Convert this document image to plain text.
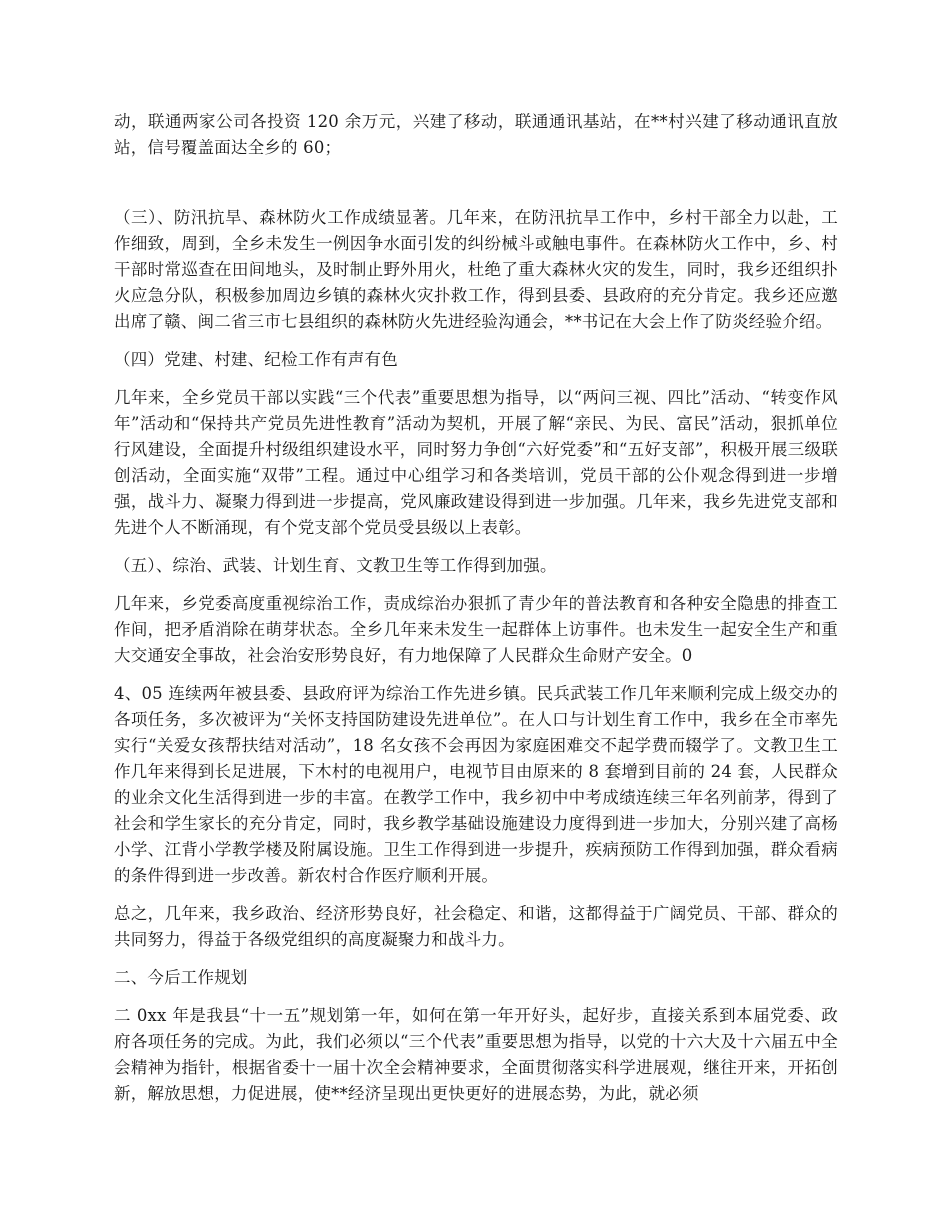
动，联通两家公司各投资 120 余万元，兴建了移动，联通通讯基站，在**村兴建了移动通讯直放站，信号覆盖面达全乡的 60；

（三）、防汛抗旱、森林防火工作成绩显著。几年来，在防汛抗旱工作中，乡村干部全力以赴，工作细致，周到，全乡未发生一例因争水面引发的纠纷械斗或触电事件。在森林防火工作中，乡、村干部时常巡查在田间地头，及时制止野外用火，杜绝了重大森林火灾的发生，同时，我乡还组织扑火应急分队，积极参加周边乡镇的森林火灾扑救工作，得到县委、县政府的充分肯定。我乡还应邀出席了赣、闽二省三市七县组织的森林防火先进经验沟通会，**书记在大会上作了防炎经验介绍。

（四）党建、村建、纪检工作有声有色

几年来，全乡党员干部以实践“三个代表”重要思想为指导，以“两问三视、四比”活动、“转变作风年”活动和“保持共产党员先进性教育”活动为契机，开展了解“亲民、为民、富民”活动，狠抓单位行风建设，全面提升村级组织建设水平，同时努力争创“六好党委”和“五好支部”，积极开展三级联创活动，全面实施“双带”工程。通过中心组学习和各类培训，党员干部的公仆观念得到进一步增强，战斗力、凝聚力得到进一步提高，党风廉政建设得到进一步加强。几年来，我乡先进党支部和先进个人不断涌现，有个党支部个党员受县级以上表彰。

（五）、综治、武装、计划生育、文教卫生等工作得到加强。

几年来，乡党委高度重视综治工作，责成综治办狠抓了青少年的普法教育和各种安全隐患的排查工作间，把矛盾消除在萌芽状态。全乡几年来未发生一起群体上访事件。也未发生一起安全生产和重大交通安全事故，社会治安形势良好，有力地保障了人民群众生命财产安全。0

4、05 连续两年被县委、县政府评为综治工作先进乡镇。民兵武装工作几年来顺利完成上级交办的各项任务，多次被评为“关怀支持国防建设先进单位”。在人口与计划生育工作中，我乡在全市率先实行“关爱女孩帮扶结对活动”，18 名女孩不会再因为家庭困难交不起学费而辍学了。文教卫生工作几年来得到长足进展，下木村的电视用户，电视节目由原来的 8 套增到目前的 24 套，人民群众的业余文化生活得到进一步的丰富。在教学工作中，我乡初中中考成绩连续三年名列前茅，得到了社会和学生家长的充分肯定，同时，我乡教学基础设施建设力度得到进一步加大，分别兴建了高杨小学、江背小学教学楼及附属设施。卫生工作得到进一步提升，疾病预防工作得到加强，群众看病的条件得到进一步改善。新农村合作医疗顺利开展。

总之，几年来，我乡政治、经济形势良好，社会稳定、和谐，这都得益于广阔党员、干部、群众的共同努力，得益于各级党组织的高度凝聚力和战斗力。

二、今后工作规划

二 0xx 年是我县“十一五”规划第一年，如何在第一年开好头，起好步，直接关系到本届党委、政府各项任务的完成。为此，我们必须以“三个代表”重要思想为指导，以党的十六大及十六届五中全会精神为指针，根据省委十一届十次全会精神要求，全面贯彻落实科学进展观，继往开来，开拓创新，解放思想，力促进展，使**经济呈现出更快更好的进展态势，为此，就必须
